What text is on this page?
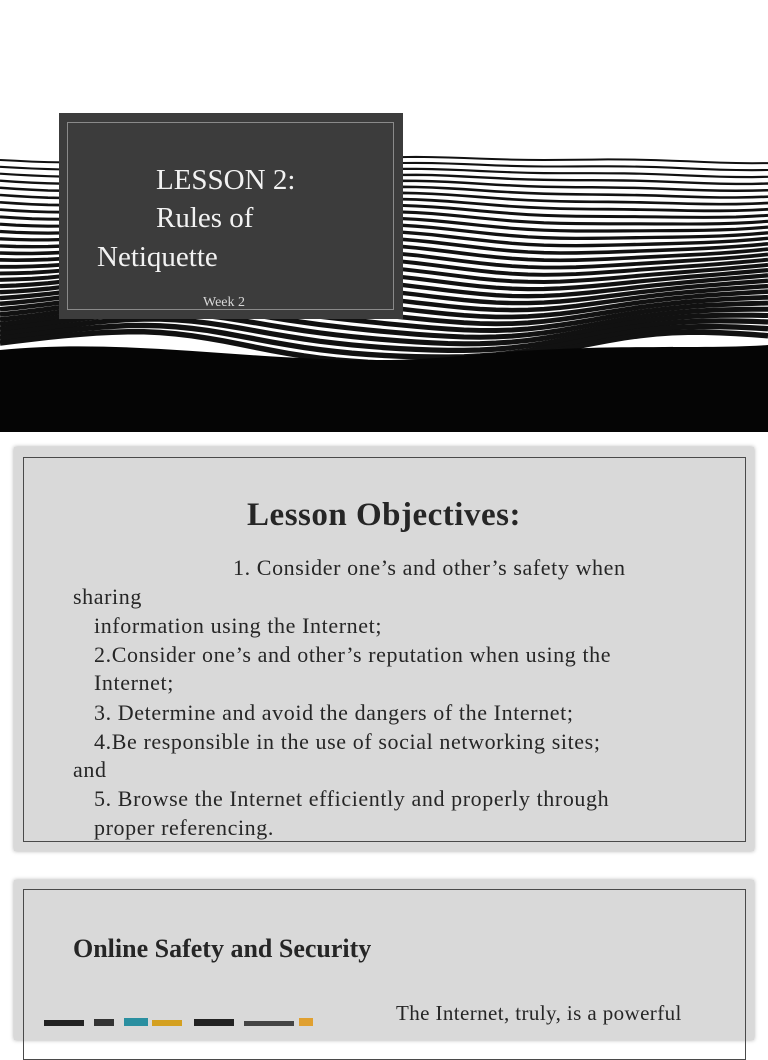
LESSON 2:
Rules of
Netiquette
Week 2
Lesson Objectives:
1. Consider one’s and other’s safety when
sharing
information using the Internet;
2.Consider one’s and other’s reputation when using the
Internet;
3. Determine and avoid the dangers of the Internet;
4.Be responsible in the use of social networking sites;
and
5. Browse the Internet efficiently and properly through
proper referencing.
Online Safety and Security
The Internet, truly, is a powerful
